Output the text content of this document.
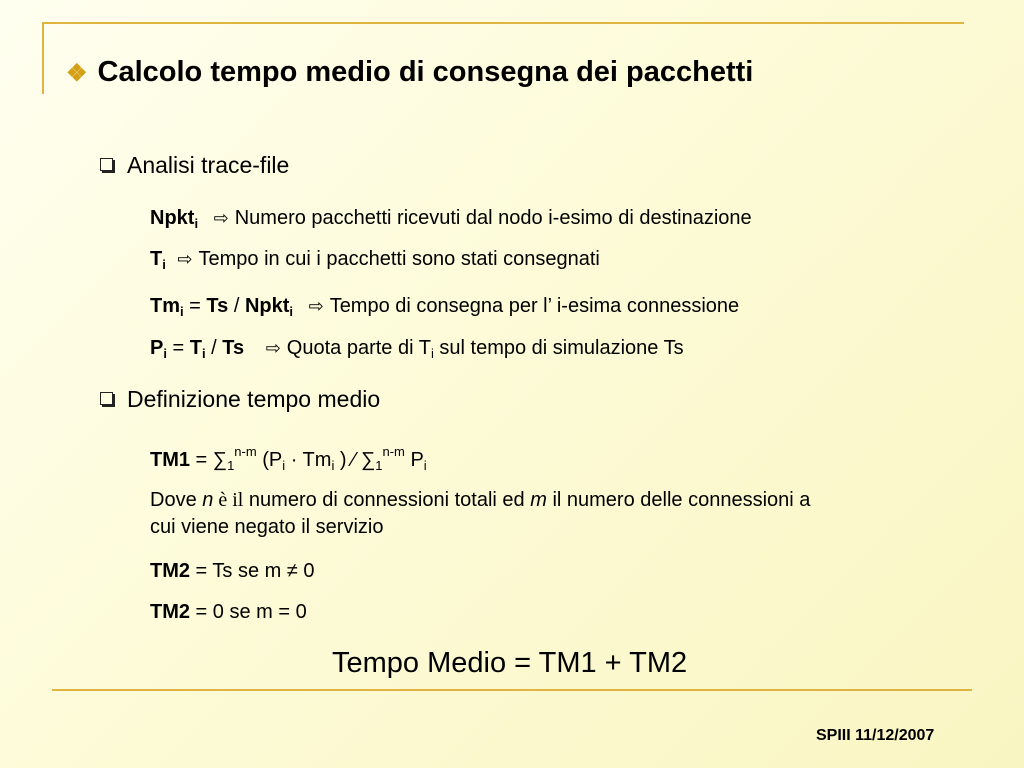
❖ Calcolo tempo medio di consegna dei pacchetti
Analisi trace-file
Npkt$_i$ ⇨ Numero pacchetti ricevuti dal nodo i-esimo di destinazione
$T_i$ ⇨ Tempo in cui i pacchetti sono stati consegnati
$Tm_i = Ts$ / Npkt$_i$ ⇨ Tempo di consegna per l’ i-esima connessione
$P_i = T_i / Ts$ ⇨ Quota parte di $T_i$ sul tempo di simulazione Ts
Definizione tempo medio
$TM1 = \sum_1^{n-m}$ ($P_i \cdot Tm_i$ ) ⁄ $\sum_1^{n-m}$ $P_i$
Dove n è il numero di connessioni totali ed m il numero delle connessioni a
cui viene negato il servizio
TM2 = Ts se m ≠ 0
TM2 = 0 se m = 0
Tempo Medio = TM1 + TM2
SPIII 11/12/2007
